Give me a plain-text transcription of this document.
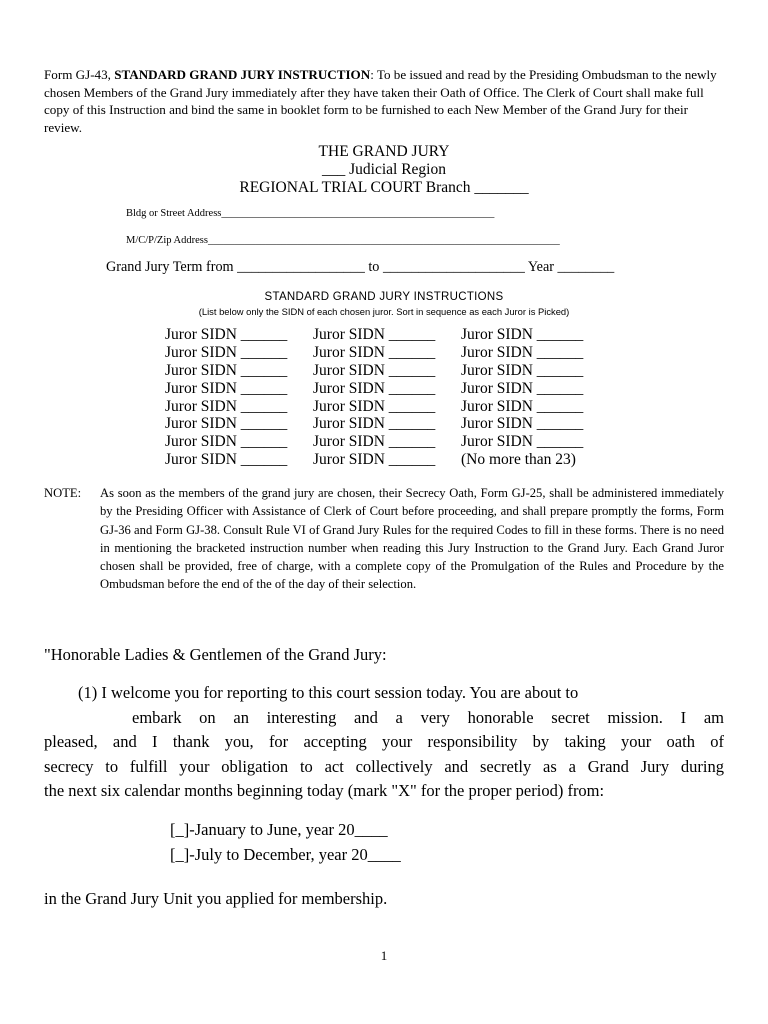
Form GJ-43, STANDARD GRAND JURY INSTRUCTION: To be issued and read by the Presiding Ombudsman to the newly chosen Members of the Grand Jury immediately after they have taken their Oath of Office. The Clerk of Court shall make full copy of this Instruction and bind the same in booklet form to be furnished to each New Member of the Grand Jury for their review.
THE GRAND JURY
___ Judicial Region
REGIONAL TRIAL COURT Branch _______
Bldg or Street Address____________________________________________________
M/C/P/Zip Address___________________________________________________________________
Grand Jury Term from __________________ to ____________________ Year ________
STANDARD GRAND JURY INSTRUCTIONS
(List below only the SIDN of each chosen juror. Sort in sequence as each Juror is Picked)
Juror SIDN ______ Juror SIDN ______ Juror SIDN ______
Juror SIDN ______ Juror SIDN ______ Juror SIDN ______
Juror SIDN ______ Juror SIDN ______ Juror SIDN ______
Juror SIDN ______ Juror SIDN ______ Juror SIDN ______
Juror SIDN ______ Juror SIDN ______ Juror SIDN ______
Juror SIDN ______ Juror SIDN ______ Juror SIDN ______
Juror SIDN ______ Juror SIDN ______ Juror SIDN ______
Juror SIDN ______ Juror SIDN ______ (No more than 23)
NOTE: As soon as the members of the grand jury are chosen, their Secrecy Oath, Form GJ-25, shall be administered immediately by the Presiding Officer with Assistance of Clerk of Court before proceeding, and shall prepare promptly the forms, Form GJ-36 and Form GJ-38. Consult Rule VI of Grand Jury Rules for the required Codes to fill in these forms. There is no need in mentioning the bracketed instruction number when reading this Jury Instruction to the Grand Jury. Each Grand Juror chosen shall be provided, free of charge, with a complete copy of the Promulgation of the Rules and Procedure by the Ombudsman before the end of the of the day of their selection.
"Honorable Ladies & Gentlemen of the Grand Jury:
(1) I welcome you for reporting to this court session today. You are about to
embark on an interesting and a very honorable secret mission. I am
pleased, and I thank you, for accepting your responsibility by taking your oath of
secrecy to fulfill your obligation to act collectively and secretly as a Grand Jury during
the next six calendar months beginning today (mark "X" for the proper period) from:
[_]-January to June, year 20____
[_]-July to December, year 20____
in the Grand Jury Unit you applied for membership.
1
